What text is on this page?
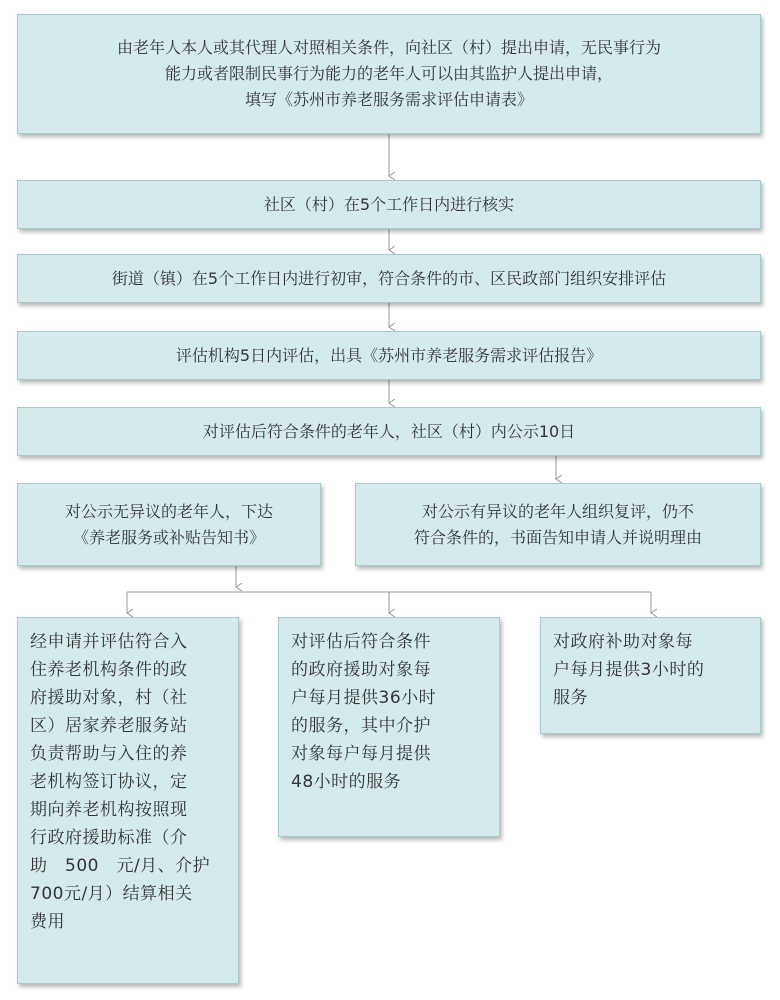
由老年人本人或其代理人对照相关条件，向社区（村）提出申请，无民事行为
能力或者限制民事行为能力的老年人可以由其监护人提出申请，
填写《苏州市养老服务需求评估申请表》
社区（村）在5个工作日内进行核实
街道（镇）在5个工作日内进行初审，符合条件的市、区民政部门组织安排评估
评估机构5日内评估，出具《苏州市养老服务需求评估报告》
对评估后符合条件的老年人，社区（村）内公示10日
对公示无异议的老年人，下达
《养老服务或补贴告知书》
对公示有异议的老年人组织复评，仍不
符合条件的，书面告知申请人并说明理由
经申请并评估符合入
住养老机构条件的政
府援助对象，村（社
区）居家养老服务站
负责帮助与入住的养
老机构签订协议，定
期向养老机构按照现
行政府援助标准（介
助　500　元/月、介护
700元/月）结算相关
费用
对评估后符合条件
的政府援助对象每
户每月提供36小时
的服务，其中介护
对象每户每月提供
48小时的服务
对政府补助对象每
户每月提供3小时的
服务
